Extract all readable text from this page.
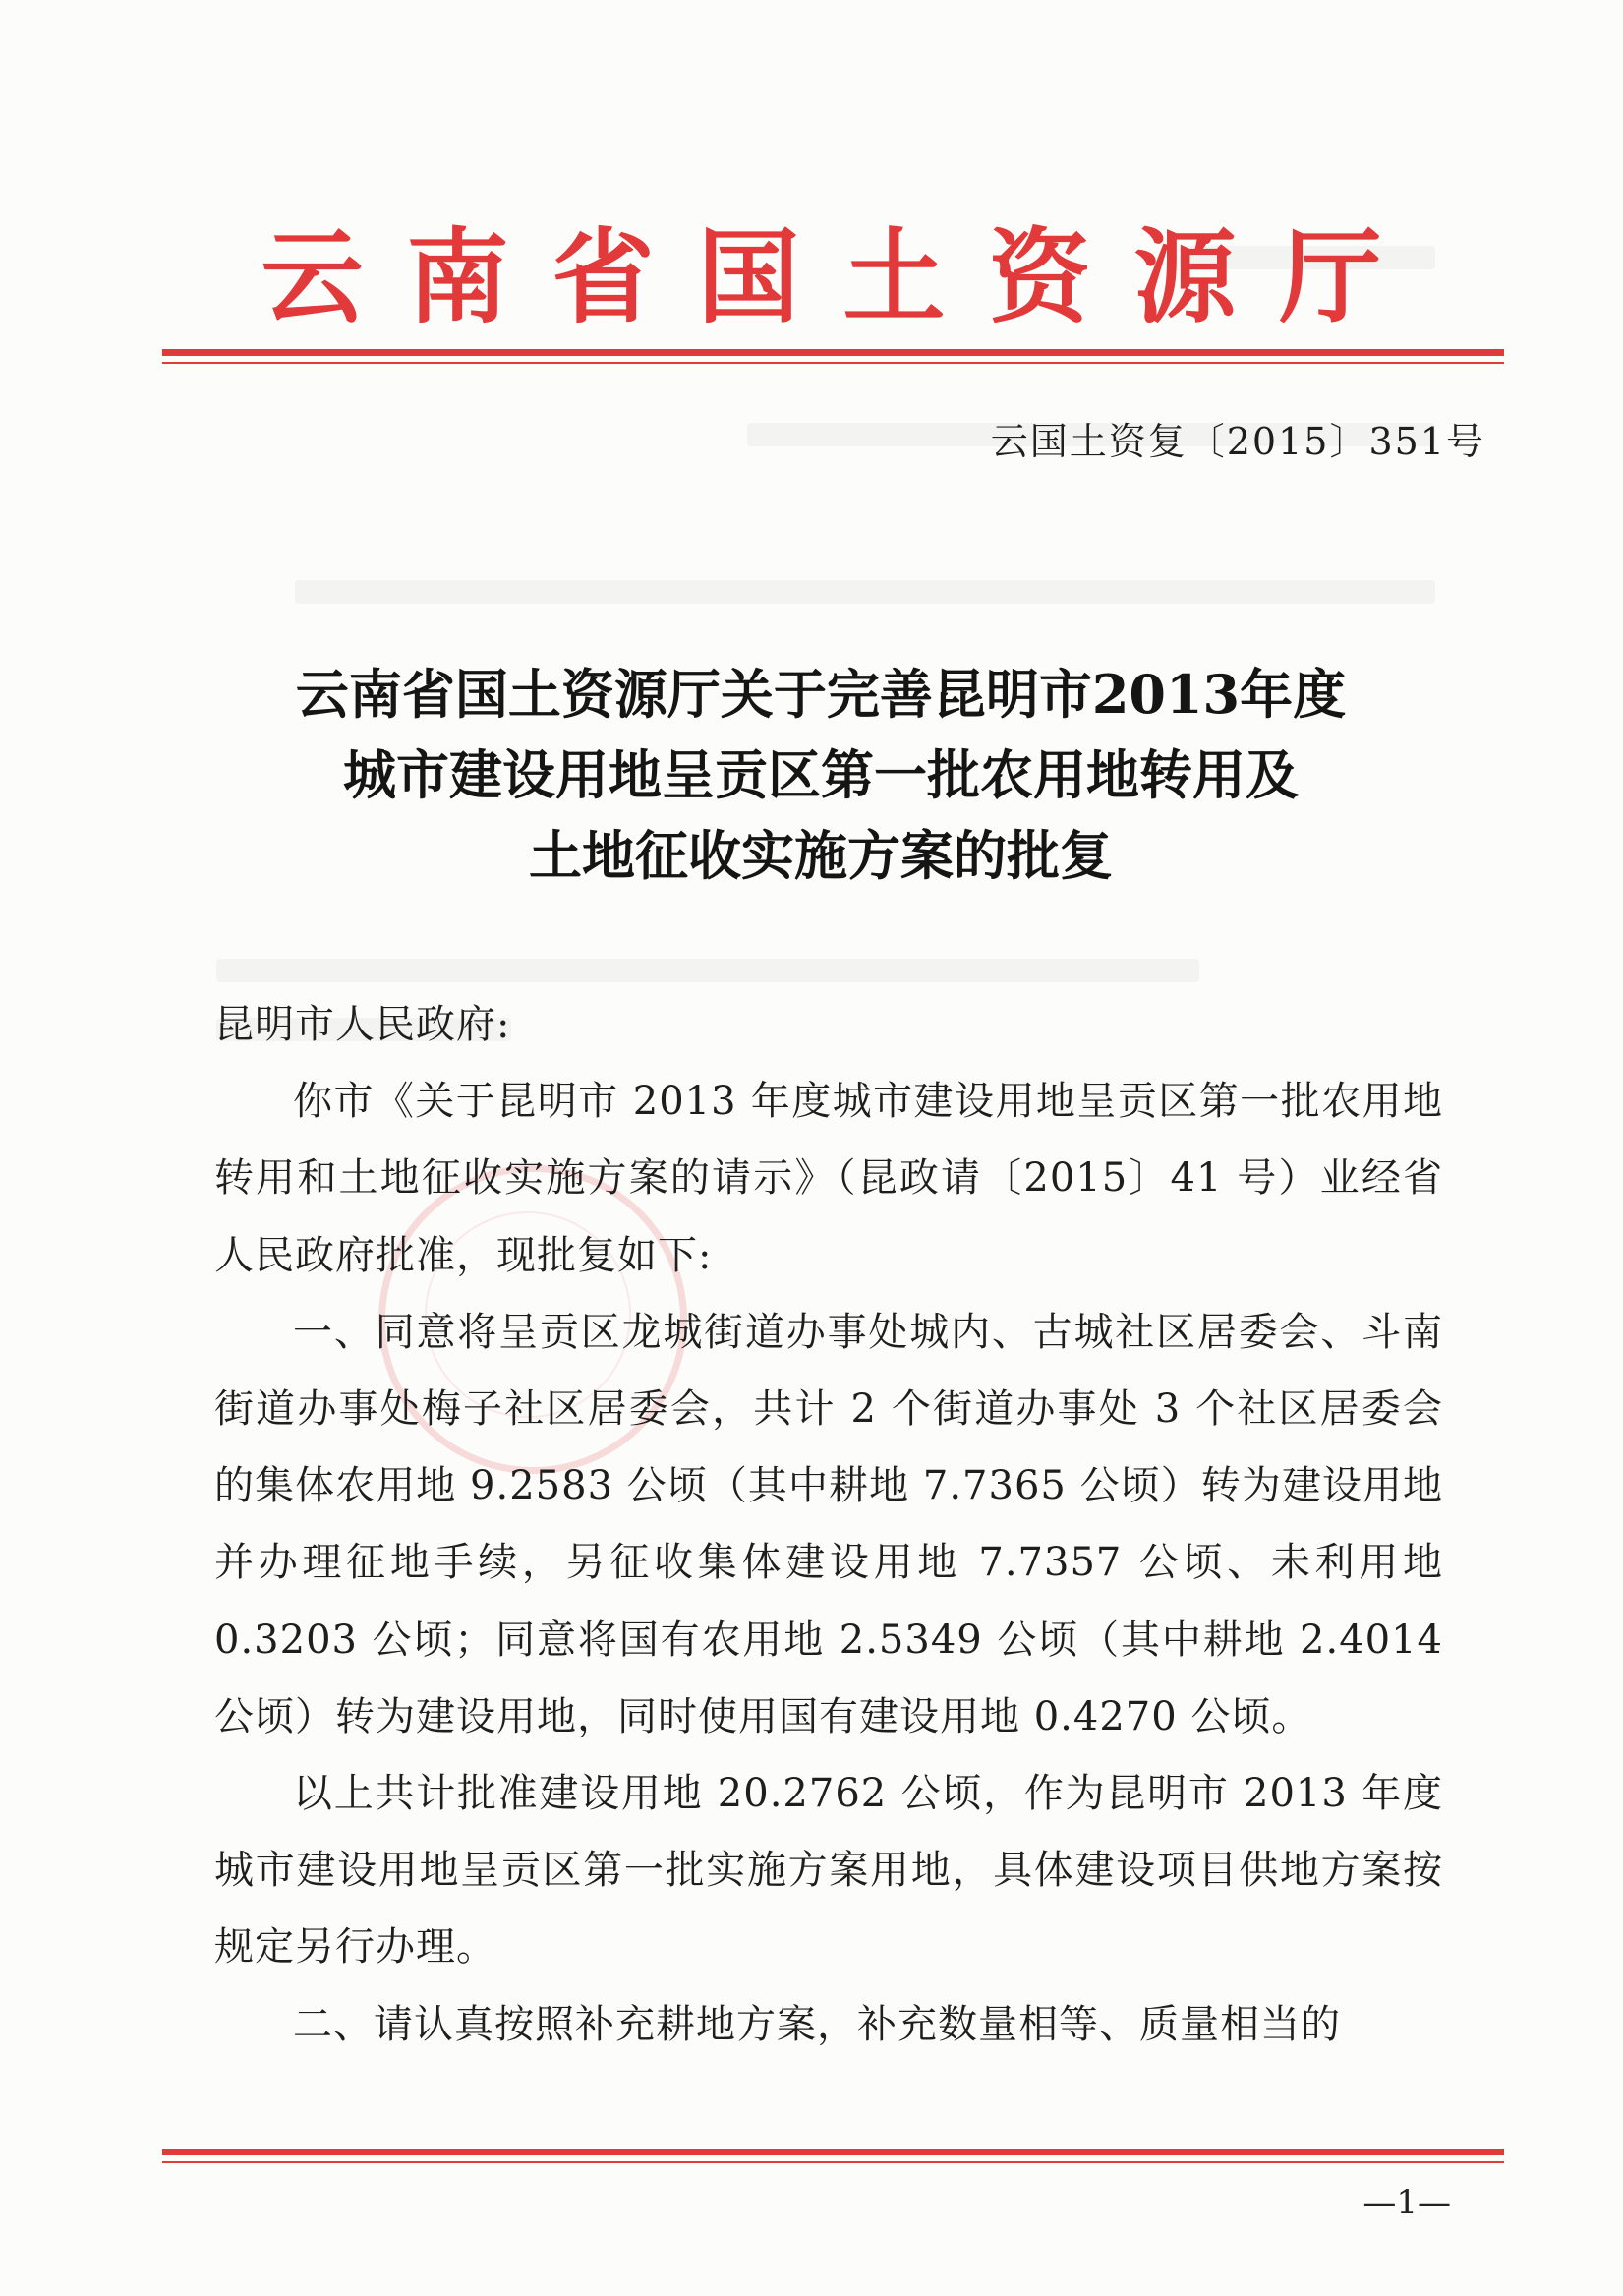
云南省国土资源厅
云国土资复〔2015〕351号
云南省国土资源厅关于完善昆明市2013年度
城市建设用地呈贡区第一批农用地转用及
土地征收实施方案的批复

昆明市人民政府:

你市《关于昆明市 2013 年度城市建设用地呈贡区第一批农用地转用和土地征收实施方案的请示》（昆政请〔2015〕41 号）业经省人民政府批准，现批复如下:

一、同意将呈贡区龙城街道办事处城内、古城社区居委会、斗南街道办事处梅子社区居委会，共计 2 个街道办事处 3 个社区居委会的集体农用地 9.2583 公顷（其中耕地 7.7365 公顷）转为建设用地并办理征地手续，另征收集体建设用地 7.7357 公顷、未利用地 0.3203 公顷；同意将国有农用地 2.5349 公顷（其中耕地 2.4014 公顷）转为建设用地，同时使用国有建设用地 0.4270 公顷。

以上共计批准建设用地 20.2762 公顷，作为昆明市 2013 年度城市建设用地呈贡区第一批实施方案用地，具体建设项目供地方案按规定另行办理。

二、请认真按照补充耕地方案，补充数量相等、质量相当的

—1—
